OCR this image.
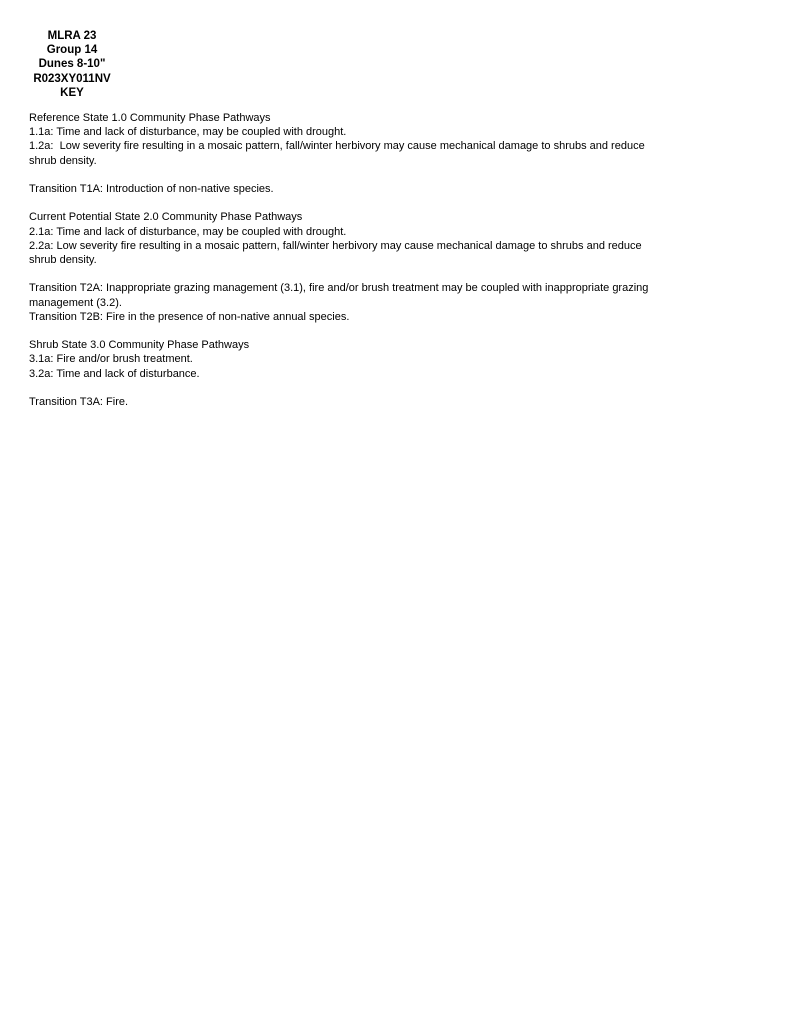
MLRA 23
Group 14
Dunes 8-10"
R023XY011NV
KEY
Reference State 1.0 Community Phase Pathways
1.1a: Time and lack of disturbance, may be coupled with drought.
1.2a:  Low severity fire resulting in a mosaic pattern, fall/winter herbivory may cause mechanical damage to shrubs and reduce shrub density.
Transition T1A: Introduction of non-native species.
Current Potential State 2.0 Community Phase Pathways
2.1a: Time and lack of disturbance, may be coupled with drought.
2.2a: Low severity fire resulting in a mosaic pattern, fall/winter herbivory may cause mechanical damage to shrubs and reduce shrub density.
Transition T2A: Inappropriate grazing management (3.1), fire and/or brush treatment may be coupled with inappropriate grazing management (3.2).
Transition T2B: Fire in the presence of non-native annual species.
Shrub State 3.0 Community Phase Pathways
3.1a: Fire and/or brush treatment.
3.2a: Time and lack of disturbance.
Transition T3A: Fire.
